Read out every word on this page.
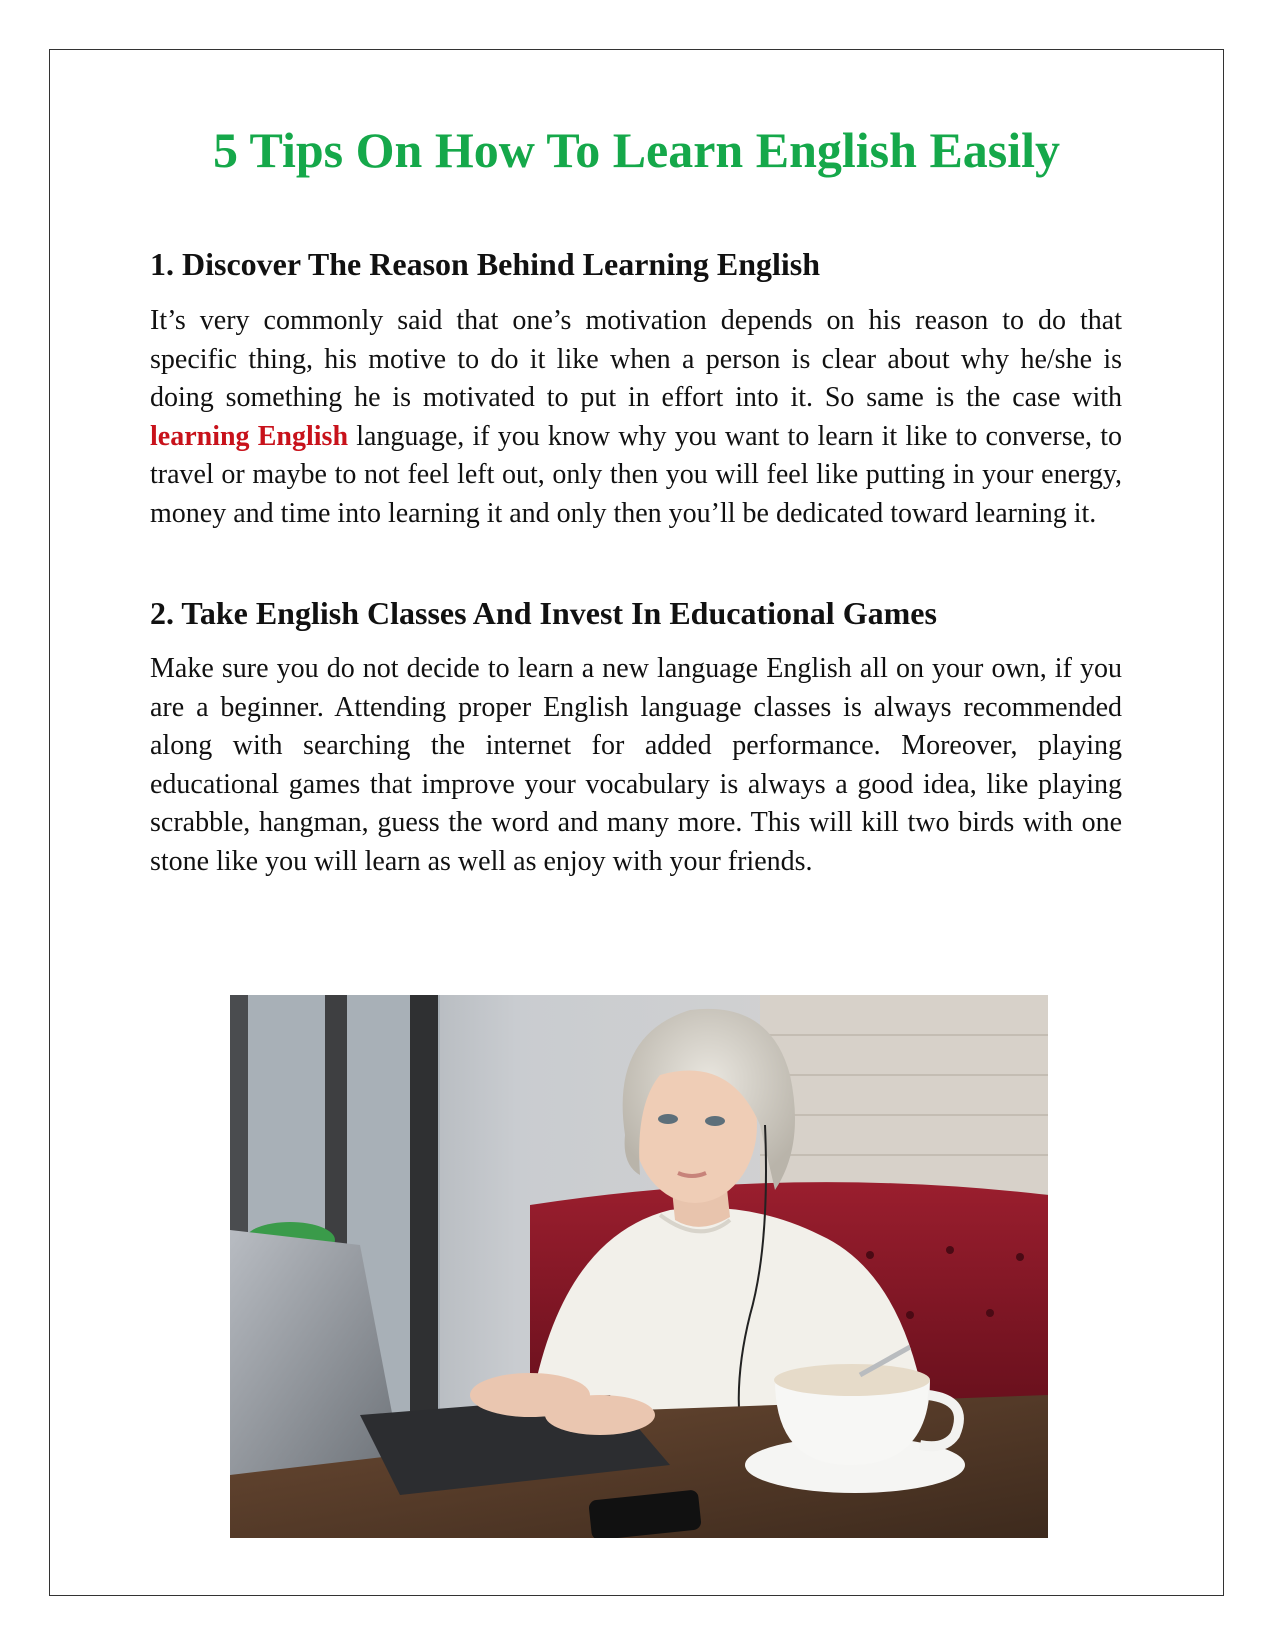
5 Tips On How To Learn English Easily
1. Discover The Reason Behind Learning English

It’s very commonly said that one’s motivation depends on his reason to do that specific thing, his motive to do it like when a person is clear about why he/she is doing something he is motivated to put in effort into it. So same is the case with learning English language, if you know why you want to learn it like to converse, to travel or maybe to not feel left out, only then you will feel like putting in your energy, money and time into learning it and only then you’ll be dedicated toward learning it.

2. Take English Classes And Invest In Educational Games

Make sure you do not decide to learn a new language English all on your own, if you are a beginner. Attending proper English language classes is always recommended along with searching the internet for added performance. Moreover, playing educational games that improve your vocabulary is always a good idea, like playing scrabble, hangman, guess the word and many more. This will kill two birds with one stone like you will learn as well as enjoy with your friends.
